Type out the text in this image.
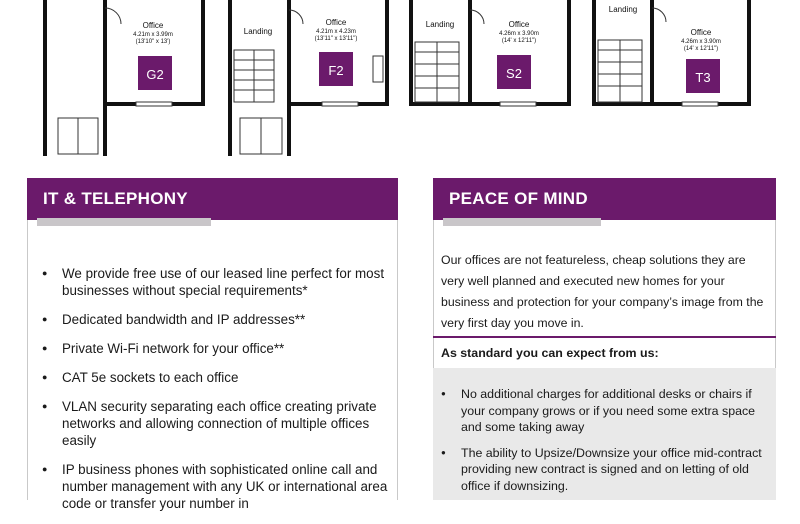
Office
4.21m x 3.99m
(13'10" x 13')
G2
Landing
Office
4.21m x 4.23m
(13'11" x 13'11")
F2
Landing	Office
4.26m x 3.90m
(14' x 12'11")
S2
Landing
Office
4.26m x 3.90m
(14' x 12'11")
T3
IT & TELEPHONY
● We provide free use of our leased line perfect for most businesses without special requirements*
● Dedicated bandwidth and IP addresses**
● Private Wi-Fi network for your office**
● CAT 5e sockets to each office
● VLAN security separating each office creating private networks and allowing connection of multiple offices easily
● IP business phones with sophisticated online call and number management with any UK or international area code or transfer your number in
PEACE OF MIND

Our offices are not featureless, cheap solutions they are very well planned and executed new homes for your business and protection for your company’s image from the very first day you move in.

As standard you can expect from us:
● No additional charges for additional desks or chairs if your company grows or if you need some extra space and some taking away
● The ability to Upsize/Downsize your office mid-contract providing new contract is signed and on letting of old office if downsizing.
